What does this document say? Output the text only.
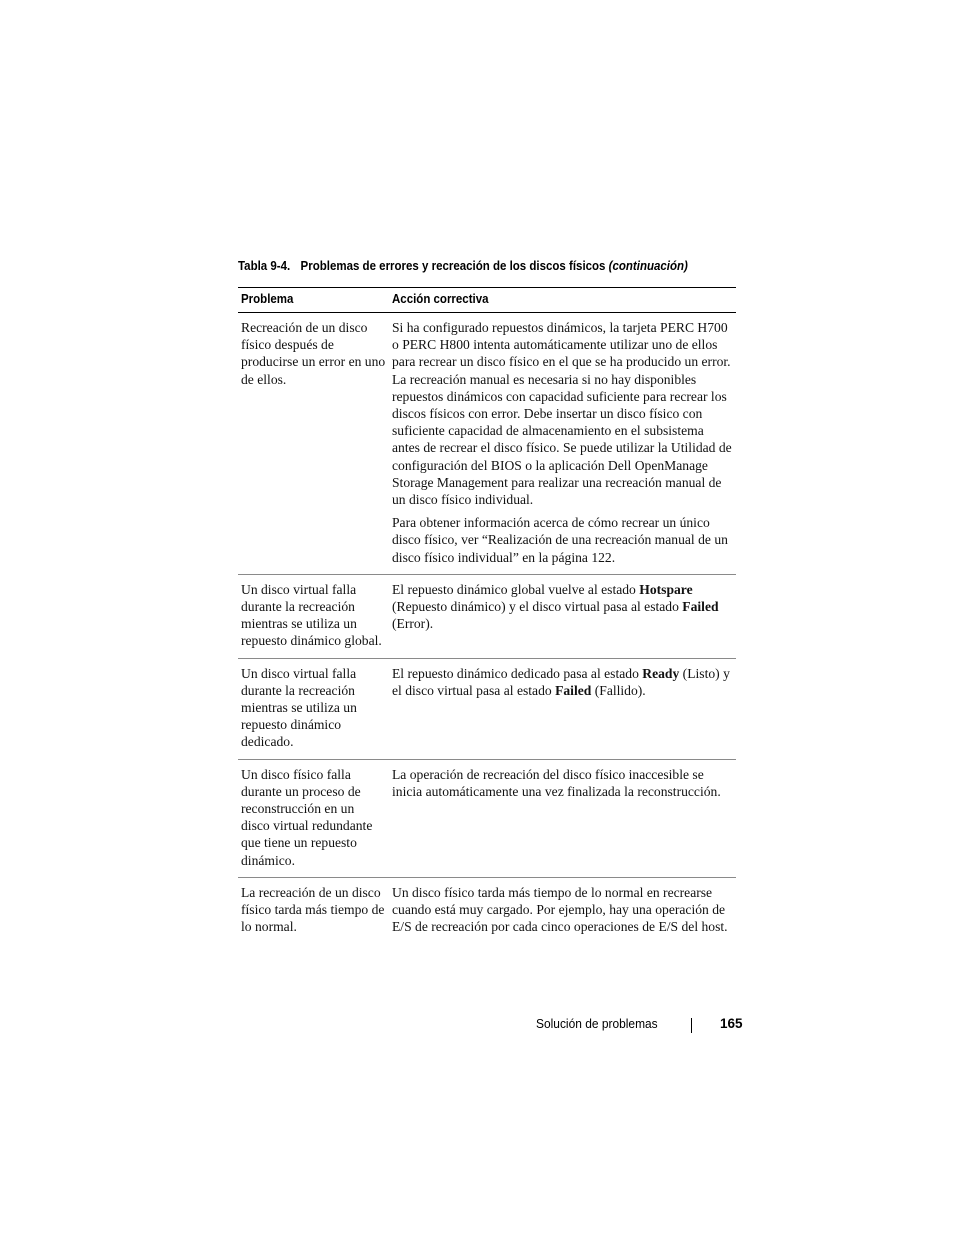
Tabla 9-4. Problemas de errores y recreación de los discos físicos (continuación)
Problema	Acción correctiva
Recreación de un disco físico después de producirse un error en uno de ellos.	Si ha configurado repuestos dinámicos, la tarjeta PERC H700 o PERC H800 intenta automáticamente utilizar uno de ellos para recrear un disco físico en el que se ha producido un error. La recreación manual es necesaria si no hay disponibles repuestos dinámicos con capacidad suficiente para recrear los discos físicos con error. Debe insertar un disco físico con suficiente capacidad de almacenamiento en el subsistema antes de recrear el disco físico. Se puede utilizar la Utilidad de configuración del BIOS o la aplicación Dell OpenManage Storage Management para realizar una recreación manual de un disco físico individual.

Para obtener información acerca de cómo recrear un único disco físico, ver “Realización de una recreación manual de un disco físico individual” en la página 122.

Un disco virtual falla durante la recreación mientras se utiliza un repuesto dinámico global.	El repuesto dinámico global vuelve al estado Hotspare (Repuesto dinámico) y el disco virtual pasa al estado Failed (Error).
Un disco virtual falla durante la recreación mientras se utiliza un repuesto dinámico dedicado.	El repuesto dinámico dedicado pasa al estado Ready (Listo) y el disco virtual pasa al estado Failed (Fallido).
Un disco físico falla durante un proceso de reconstrucción en un disco virtual redundante que tiene un repuesto dinámico.	La operación de recreación del disco físico inaccesible se inicia automáticamente una vez finalizada la reconstrucción.
La recreación de un disco físico tarda más tiempo de lo normal.	Un disco físico tarda más tiempo de lo normal en recrearse cuando está muy cargado. Por ejemplo, hay una operación de E/S de recreación por cada cinco operaciones de E/S del host.
Solución de problemas	165
